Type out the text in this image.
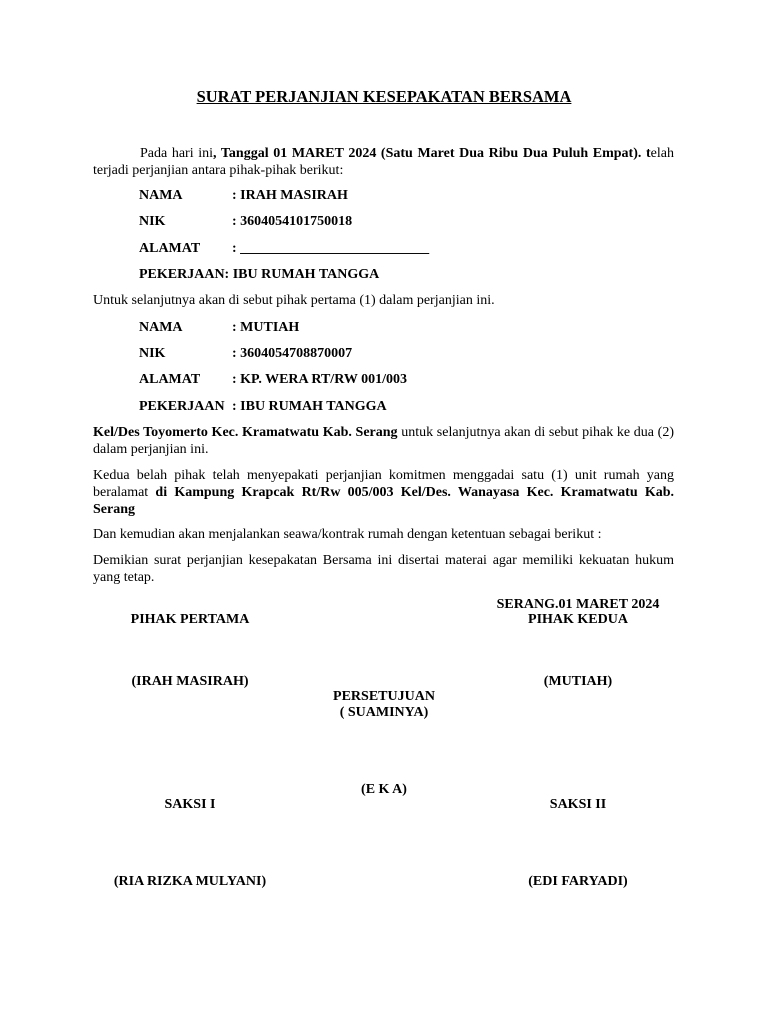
SURAT PERJANJIAN KESEPAKATAN BERSAMA
Pada hari ini, Tanggal 01 MARET 2024 (Satu Maret Dua Ribu Dua Puluh Empat). telah terjadi perjanjian antara pihak-pihak berikut:
NAMA	: IRAH MASIRAH
NIK	: 3604054101750018
ALAMAT : ___________________________
PEKERJAAN: IBU RUMAH TANGGA
Untuk selanjutnya akan di sebut pihak pertama (1) dalam perjanjian ini.
NAMA	: MUTIAH
NIK	: 3604054708870007
ALAMAT : KP. WERA RT/RW 001/003
PEKERJAAN : IBU RUMAH TANGGA
Kel/Des Toyomerto Kec. Kramatwatu Kab. Serang untuk selanjutnya akan di sebut pihak ke dua (2) dalam perjanjian ini.
Kedua belah pihak telah menyepakati perjanjian komitmen menggadai satu (1) unit rumah yang beralamat di Kampung Krapcak Rt/Rw 005/003 Kel/Des. Wanayasa Kec. Kramatwatu Kab. Serang
Dan kemudian akan menjalankan seawa/kontrak rumah dengan ketentuan sebagai berikut :
Demikian surat perjanjian kesepakatan Bersama ini disertai materai agar memiliki kekuatan hukum yang tetap.
SERANG.01 MARET 2024
PIHAK PERTAMA	PIHAK KEDUA
(IRAH MASIRAH)	(MUTIAH)
PERSETUJUAN
( SUAMINYA)
(E K A)
SAKSI I	SAKSI II
(RIA RIZKA MULYANI)	(EDI FARYADI)
